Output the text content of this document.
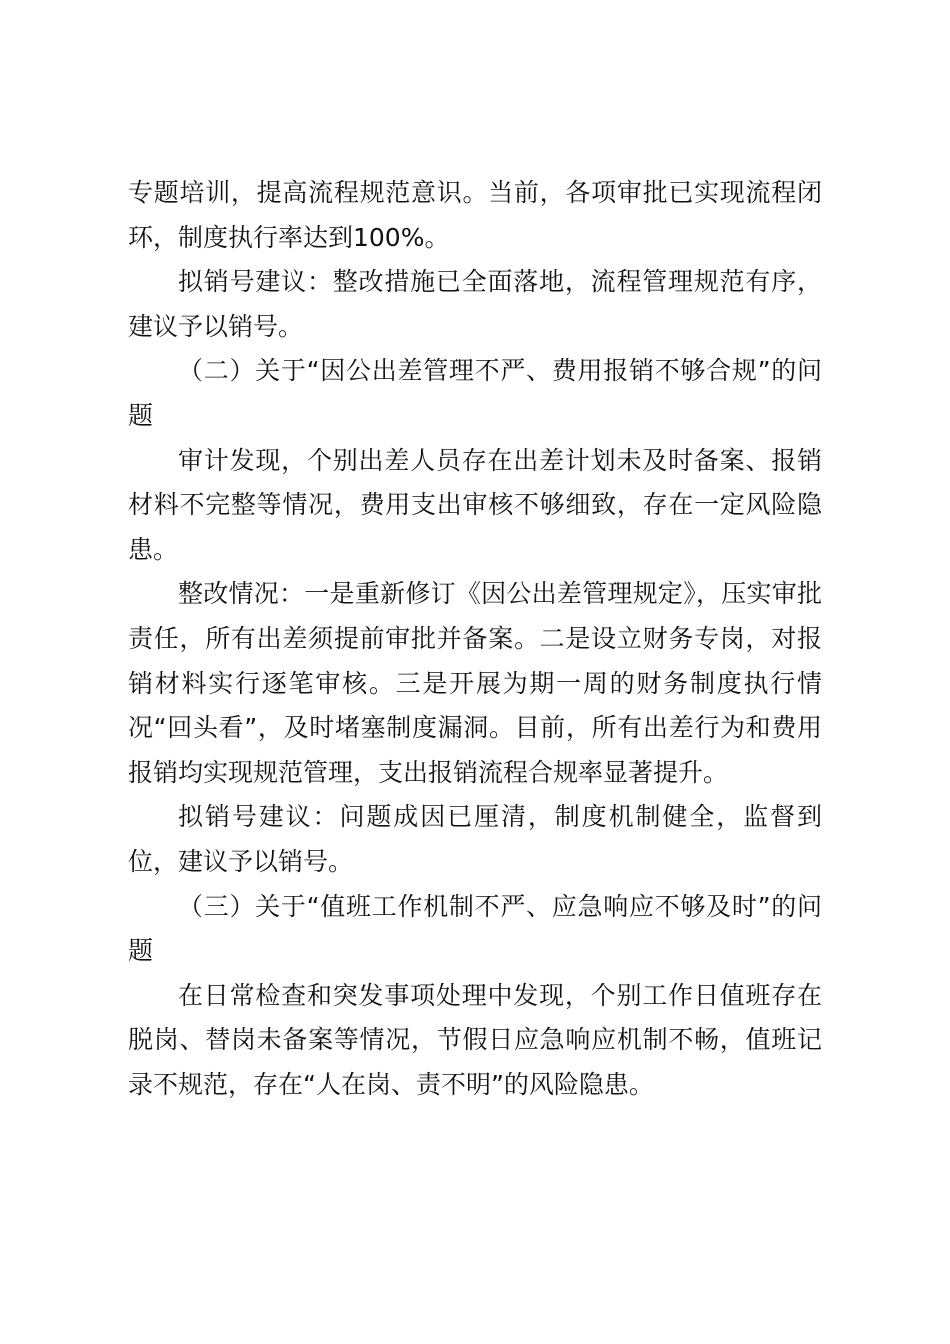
专题培训，提高流程规范意识。当前，各项审批已实现流程闭环，制度执行率达到100%。

拟销号建议：整改措施已全面落地，流程管理规范有序，建议予以销号。

（二）关于“因公出差管理不严、费用报销不够合规”的问题

审计发现，个别出差人员存在出差计划未及时备案、报销材料不完整等情况，费用支出审核不够细致，存在一定风险隐患。

整改情况：一是重新修订《因公出差管理规定》，压实审批责任，所有出差须提前审批并备案。二是设立财务专岗，对报销材料实行逐笔审核。三是开展为期一周的财务制度执行情况“回头看”，及时堵塞制度漏洞。目前，所有出差行为和费用报销均实现规范管理，支出报销流程合规率显著提升。

拟销号建议：问题成因已厘清，制度机制健全，监督到位，建议予以销号。

（三）关于“值班工作机制不严、应急响应不够及时”的问题

在日常检查和突发事项处理中发现，个别工作日值班存在脱岗、替岗未备案等情况，节假日应急响应机制不畅，值班记录不规范，存在“人在岗、责不明”的风险隐患。
